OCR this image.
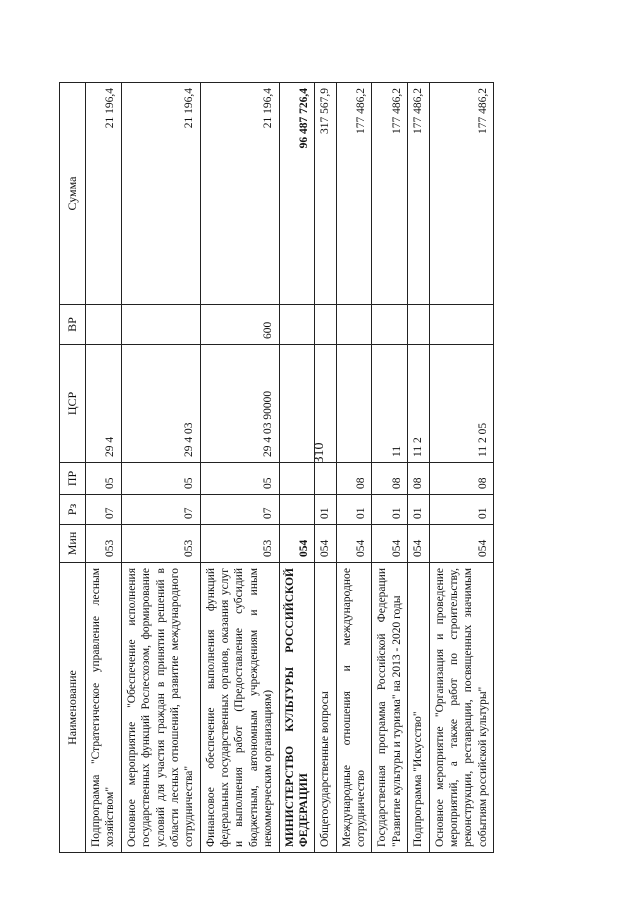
310
Наименование	Мин	Рз	ПР	ЦСР	ВР	Сумма
Подпрограмма "Стратегическое управление лесным хозяйством"	053	07	05	29 4		21 196,4
Основное мероприятие "Обеспечение исполнения государственных функций Рослесхозом, формирование условий для участия граждан в принятии решений в области лесных отношений, развитие международного сотрудничества"	053	07	05	29 4 03		21 196,4
Финансовое обеспечение выполнения функций федеральных государственных органов, оказания услуг и выполнения работ (Предоставление субсидий бюджетным, автономным учреждениям и иным некоммерческим организациям)	053	07	05	29 4 03 90000	600	21 196,4
МИНИСТЕРСТВО КУЛЬТУРЫ РОССИЙСКОЙ ФЕДЕРАЦИИ	054					96 487 726,4
Общегосударственные вопросы	054	01				317 567,9
Международные отношения и международное сотрудничество	054	01	08			177 486,2
Государственная программа Российской Федерации "Развитие культуры и туризма" на 2013 - 2020 годы	054	01	08	11		177 486,2
Подпрограмма "Искусство"	054	01	08	11 2		177 486,2
Основное мероприятие "Организация и проведение мероприятий, а также работ по строительству, реконструкции, реставрации, посвященных значимым событиям российской культуры"	054	01	08	11 2 05		177 486,2
